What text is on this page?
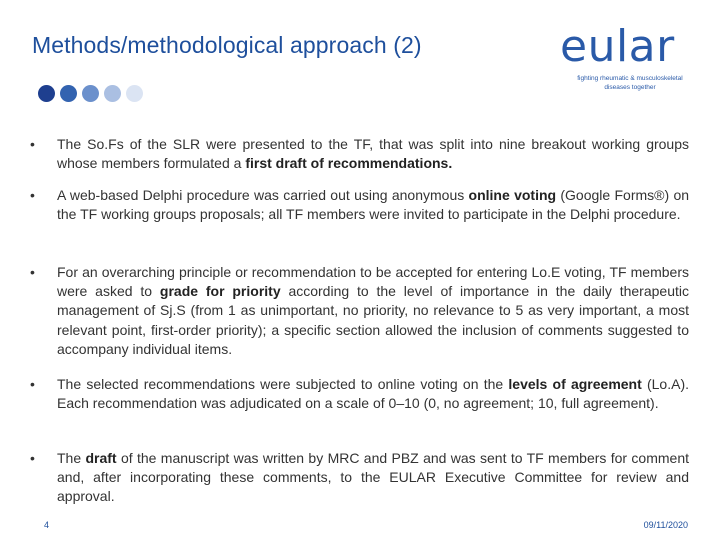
Methods/methodological approach (2)	eular
fighting rheumatic & musculoskeletal
diseases together
• The So.Fs of the SLR were presented to the TF, that was split into nine breakout working groups whose members formulated a first draft of recommendations.
• A web-based Delphi procedure was carried out using anonymous online voting (Google Forms®) on the TF working groups proposals; all TF members were invited to participate in the Delphi procedure.
• For an overarching principle or recommendation to be accepted for entering Lo.E voting, TF members were asked to grade for priority according to the level of importance in the daily therapeutic management of Sj.S (from 1 as unimportant, no priority, no relevance to 5 as very important, a most relevant point, first-order priority); a specific section allowed the inclusion of comments suggested to accompany individual items.
• The selected recommendations were subjected to online voting on the levels of agreement (Lo.A). Each recommendation was adjudicated on a scale of 0–10 (0, no agreement; 10, full agreement).
• The draft of the manuscript was written by MRC and PBZ and was sent to TF members for comment and, after incorporating these comments, to the EULAR Executive Committee for review and approval.
4	09/11/2020
